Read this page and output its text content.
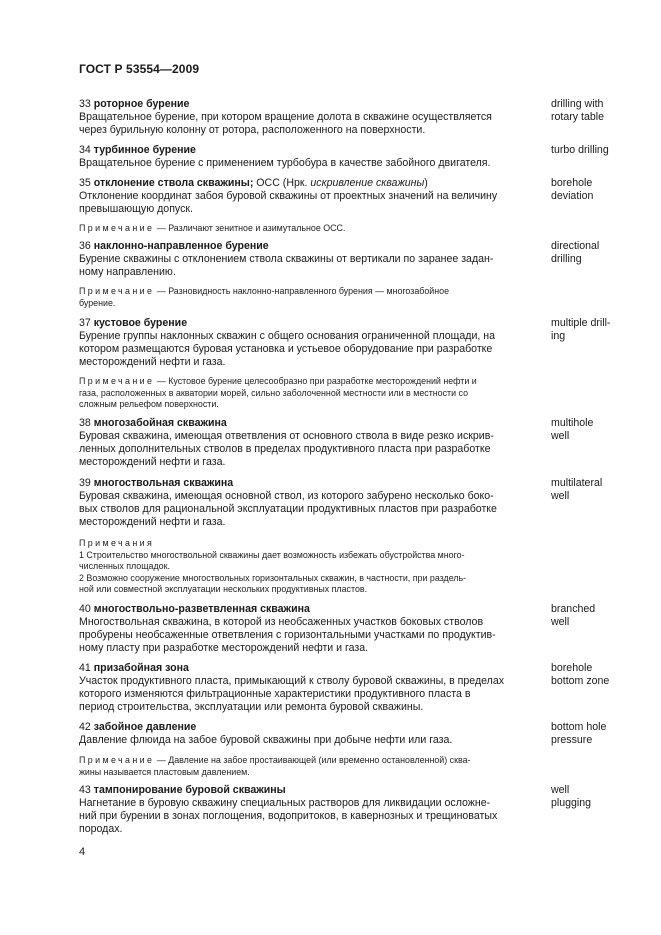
ГОСТ Р 53554—2009
33 роторное бурение
Вращательное бурение, при котором вращение долота в скважине осуществляется
через бурильную колонну от ротора, расположенного на поверхности.
drilling with
rotary table
34 турбинное бурение
Вращательное бурение с применением турбобура в качестве забойного двигателя.
turbo drilling
35 отклонение ствола скважины; ОСС (Нрк. искривление скважины)
Отклонение координат забоя буровой скважины от проектных значений на величину
превышающую допуск.
borehole
deviation
Примечание — Различают зенитное и азимутальное ОСС.
36 наклонно-направленное бурение
Бурение скважины с отклонением ствола скважины от вертикали по заранее задан-
ному направлению.
directional
drilling
Примечание — Разновидность наклонно-направленного бурения — многозабойное
бурение.
37 кустовое бурение
Бурение группы наклонных скважин с общего основания ограниченной площади, на
котором размещаются буровая установка и устьевое оборудование при разработке
месторождений нефти и газа.
multiple drill-
ing
Примечание — Кустовое бурение целесообразно при разработке месторождений нефти и
газа, расположенных в акватории морей, сильно заболоченной местности или в местности со
сложным рельефом поверхности.
38 многозабойная скважина
Буровая скважина, имеющая ответвления от основного ствола в виде резко искрив-
ленных дополнительных стволов в пределах продуктивного пласта при разработке
месторождений нефти и газа.
multihole
well
39 многоствольная скважина
Буровая скважина, имеющая основной ствол, из которого забурено несколько боко-
вых стволов для рациональной эксплуатации продуктивных пластов при разработке
месторождений нефти и газа.
multilateral
well
Примечания
1 Строительство многоствольной скважины дает возможность избежать обустройства много-
численных площадок.
2 Возможно сооружение многоствольных горизонтальных скважин, в частности, при раздель-
ной или совместной эксплуатации нескольких продуктивных пластов.
40 многоствольно-разветвленная скважина
Многоствольная скважина, в которой из необсаженных участков боковых стволов
пробурены необсаженные ответвления с горизонтальными участками по продуктив-
ному пласту при разработке месторождений нефти и газа.
branched
well
41 призабойная зона
Участок продуктивного пласта, примыкающий к стволу буровой скважины, в пределах
которого изменяются фильтрационные характеристики продуктивного пласта в
период строительства, эксплуатации или ремонта буровой скважины.
borehole
bottom zone
42 забойное давление
Давление флюида на забое буровой скважины при добыче нефти или газа.
bottom hole
pressure
Примечание — Давление на забое простаивающей (или временно остановленной) сква-
жины называется пластовым давлением.
43 тампонирование буровой скважины
Нагнетание в буровую скважину специальных растворов для ликвидации осложне-
ний при бурении в зонах поглощения, водопритоков, в кавернозных и трещиноватых
породах.
well
plugging
4
